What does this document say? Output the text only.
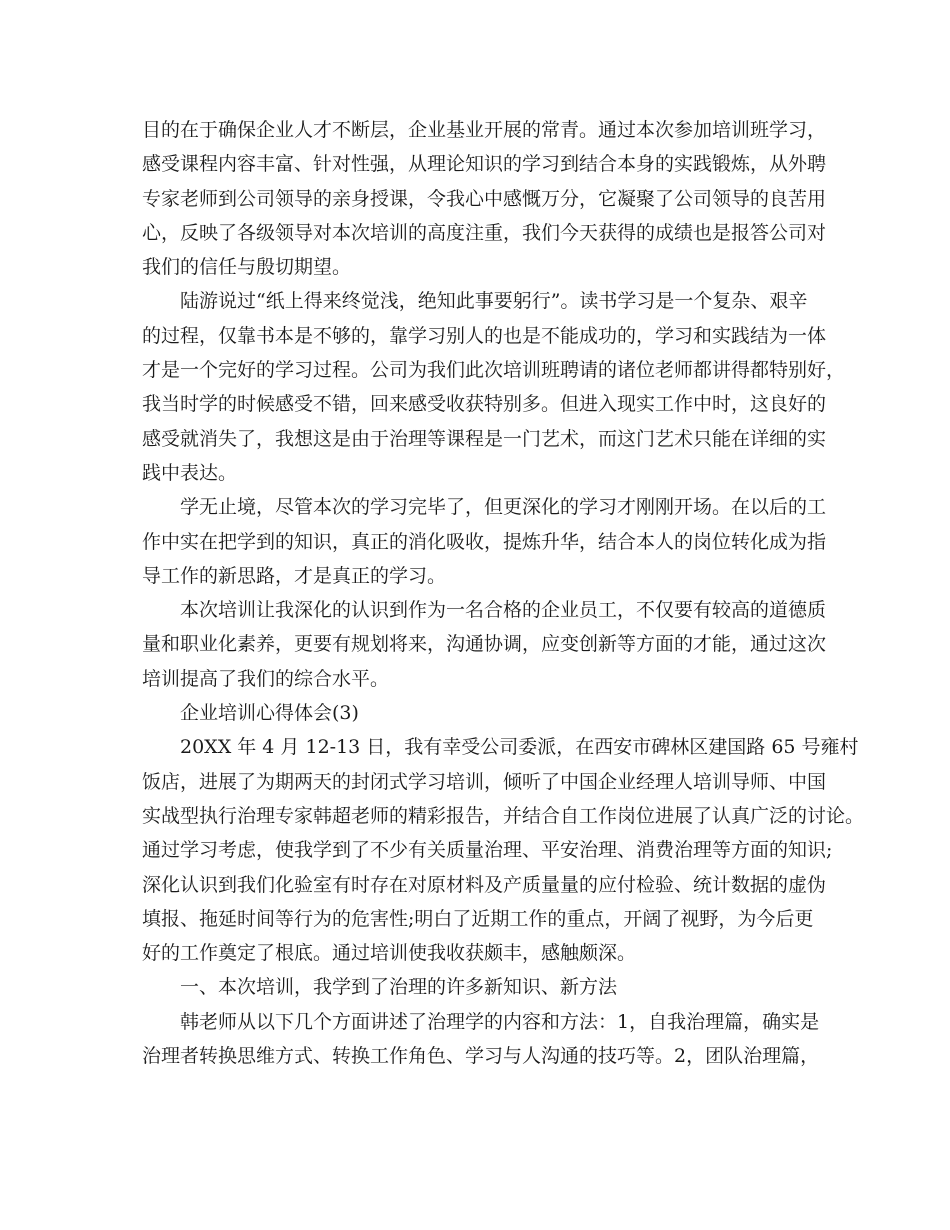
目的在于确保企业人才不断层，企业基业开展的常青。通过本次参加培训班学习，
感受课程内容丰富、针对性强，从理论知识的学习到结合本身的实践锻炼，从外聘
专家老师到公司领导的亲身授课，令我心中感慨万分，它凝聚了公司领导的良苦用
心，反映了各级领导对本次培训的高度注重，我们今天获得的成绩也是报答公司对
我们的信任与殷切期望。
陆游说过“纸上得来终觉浅，绝知此事要躬行”。读书学习是一个复杂、艰辛
的过程，仅靠书本是不够的，靠学习别人的也是不能成功的，学习和实践结为一体
才是一个完好的学习过程。公司为我们此次培训班聘请的诸位老师都讲得都特别好，
我当时学的时候感受不错，回来感受收获特别多。但进入现实工作中时，这良好的
感受就消失了，我想这是由于治理等课程是一门艺术，而这门艺术只能在详细的实
践中表达。
学无止境，尽管本次的学习完毕了，但更深化的学习才刚刚开场。在以后的工
作中实在把学到的知识，真正的消化吸收，提炼升华，结合本人的岗位转化成为指
导工作的新思路，才是真正的学习。
本次培训让我深化的认识到作为一名合格的企业员工，不仅要有较高的道德质
量和职业化素养，更要有规划将来，沟通协调，应变创新等方面的才能，通过这次
培训提高了我们的综合水平。
企业培训心得体会(3)
20XX 年 4 月 12-13 日，我有幸受公司委派，在西安市碑林区建国路 65 号雍村
饭店，进展了为期两天的封闭式学习培训，倾听了中国企业经理人培训导师、中国
实战型执行治理专家韩超老师的精彩报告，并结合自工作岗位进展了认真广泛的讨论。
通过学习考虑，使我学到了不少有关质量治理、平安治理、消费治理等方面的知识;
深化认识到我们化验室有时存在对原材料及产质量量的应付检验、统计数据的虚伪
填报、拖延时间等行为的危害性;明白了近期工作的重点，开阔了视野，为今后更
好的工作奠定了根底。通过培训使我收获颇丰，感触颇深。
一、本次培训，我学到了治理的许多新知识、新方法
韩老师从以下几个方面讲述了治理学的内容和方法：1，自我治理篇，确实是
治理者转换思维方式、转换工作角色、学习与人沟通的技巧等。2，团队治理篇，
